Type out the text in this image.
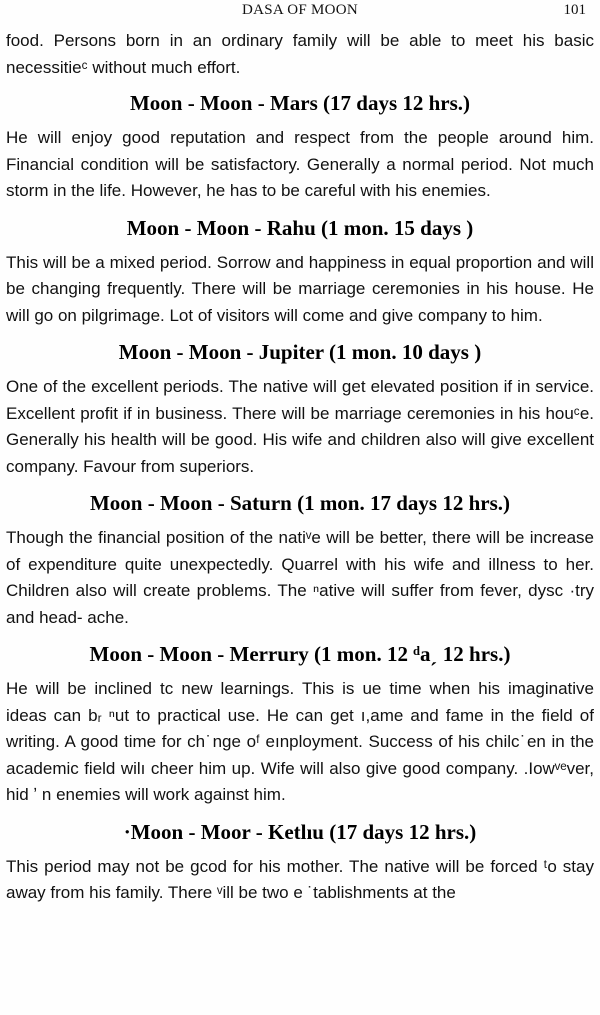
DASA OF MOON	101

food. Persons born in an ordinary family will be able to meet his basic necessitieᶜ without much effort.

Moon - Moon - Mars (17 days 12 hrs.)

He will enjoy good reputation and respect from the people around him. Financial condition will be satisfactory. Generally a normal period. Not much storm in the life. However, he has to be careful with his enemies.

Moon - Moon - Rahu (1 mon. 15 days )

This will be a mixed period. Sorrow and happiness in equal proportion and will be changing frequently. There will be marriage ceremonies in his house. He will go on pilgrimage. Lot of visitors will come and give company to him.

Moon - Moon - Jupiter (1 mon. 10 days )

One of the excellent periods. The native will get elevated position if in service. Excellent profit if in business. There will be marriage ceremonies in his houᶜe. Generally his health will be good. His wife and children also will give excellent company. Favour from superiors.

Moon - Moon - Saturn (1 mon. 17 days 12 hrs.)

Though the financial position of the natiᵛe will be better, there will be increase of expenditure quite unexpectedly. Quarrel with his wife and illness to her. Children also will create problems. The ⁿative will suffer from fever, dysc ·try and head- ache.

Moon - Moon - Merrury (1 mon. 12 ᵈaˏ 12 hrs.)

He will be inclined tc new learnings. This is ue time when his imaginative ideas can bᵣ ⁿut to practical use. He can get ı,ame and fame in the field of writing. A good time for ch˙nge oᶠ eınployment. Success of his chilc˙en in the academic field wilı cheer him up. Wife will also give good company. .Iowᵛᵉver, hid ʼ n enemies will work against him.

·Moon - Moor - Ketlıu (17 days 12 hrs.)

This period may not be gcod for his mother. The native will be forced ᵗo stay away from his family. There ᵛill be two e ˙tablishments at the
